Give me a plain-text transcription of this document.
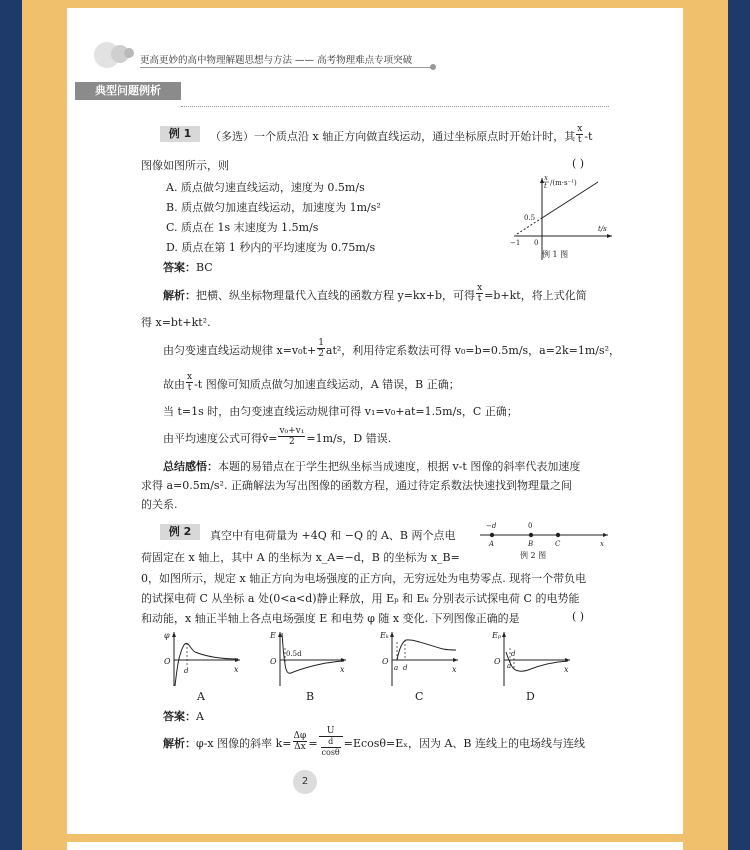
更高更妙的高中物理解题思想与方法 —— 高考物理难点专项突破
典型问题例析
例 1	（多选）一个质点沿 x 轴正方向做直线运动，通过坐标原点时开始计时，其 $\frac{x}{t} -t$
图像如图所示，则	( )
A. 质点做匀速直线运动，速度为 0.5m/s
B. 质点做匀加速直线运动，加速度为 1m/s²
C. 质点在 1s 末速度为 1.5m/s
D. 质点在第 1 秒内的平均速度为 0.75m/s
答案：BC
x
t /(m·s⁻¹)
t/s
0.5
−1 0
例 1 图
解析：把横、纵坐标物理量代入直线的函数方程 y=kx+b，可得 $\frac{x}{t} =b+kt$，将上式化简
得 x=bt+kt².
由匀变速直线运动规律 $x=v_0t+ \frac{1}{2} at^2$，利用待定系数法可得 v₀=b=0.5m/s，a=2k=1m/s²，
故由 $\frac{x}{t} -t$ 图像可知质点做匀加速直线运动，A 错误，B 正确；
当 t=1s 时，由匀变速直线运动规律可得 v₁=v₀+at=1.5m/s，C 正确；
由平均速度公式可得v̄= $\frac{\text{v₀+v₁}}{2} =1m/s$，D 错误.
总结感悟：本题的易错点在于学生把纵坐标当成速度，根据 v-t 图像的斜率代表加速度
求得 a=0.5m/s². 正确解法为写出图像的函数方程，通过待定系数法快速找到物理量之间
的关系.
例 2	真空中有电荷量为 +4Q 和 −Q 的 A、B 两个点电
荷固定在 x 轴上，其中 A 的坐标为 x_A=−d，B 的坐标为 x_B=
0，如图所示，规定 x 轴正方向为电场强度的正方向，无穷远处为电势零点. 现将一个带负电
的试探电荷 C 从坐标 a 处(0<a<d)静止释放，用 Eₚ 和 Eₖ 分别表示试探电荷 C 的电势能
和动能，x 轴正半轴上各点电场强度 E 和电势 φ 随 x 变化. 下列图像正确的是	( )
−d	0
A	B	C	x
例 2 图
φ
O
d	x
A
E
O
0.5d
x
B
Eₖ
O
a d	x
C
Eₚ
O
d
a	x
D
答案：A
解析：φ-x 图像的斜率 $k= \frac{\Delta\varphi}{\Delta x} = \frac{U}{\frac{d}{\cos\theta}} =Ecos\theta=E_x$，因为 A、B 连线上的电场线与连线
2
